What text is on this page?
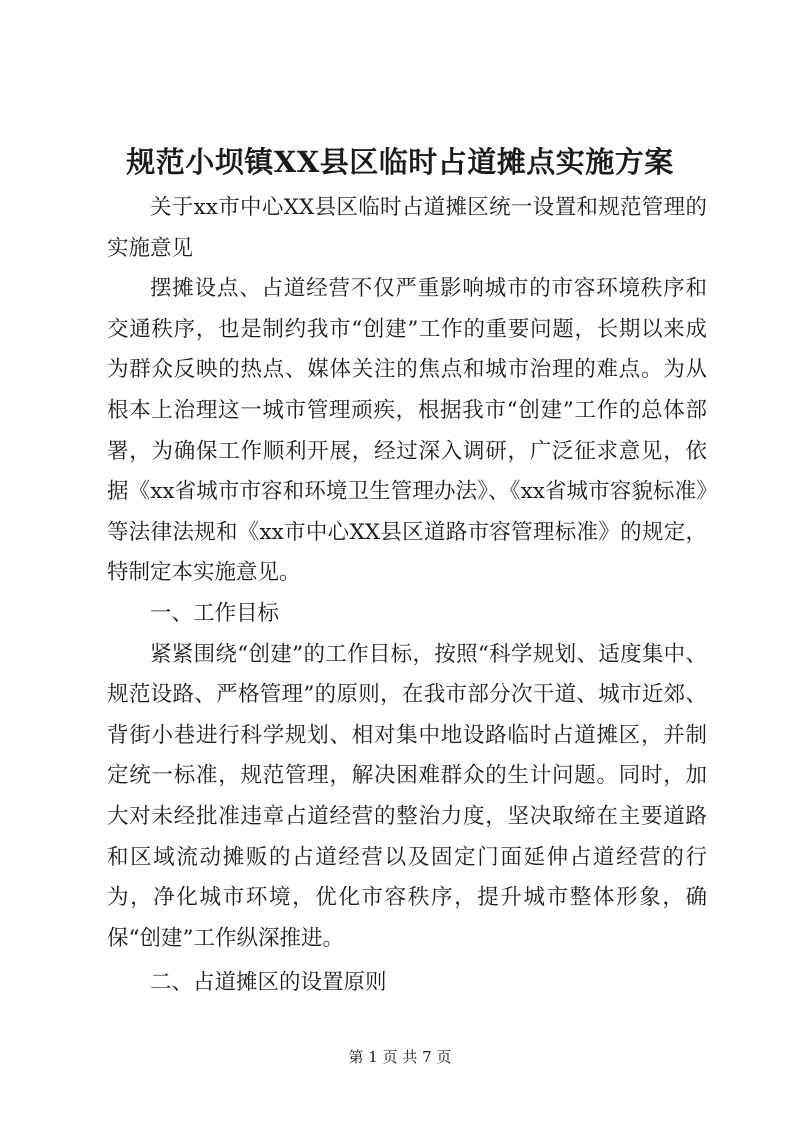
规范小坝镇XX县区临时占道摊点实施方案

关于xx市中心XX县区临时占道摊区统一设置和规范管理的实施意见

摆摊设点、占道经营不仅严重影响城市的市容环境秩序和交通秩序，也是制约我市“创建”工作的重要问题，长期以来成为群众反映的热点、媒体关注的焦点和城市治理的难点。为从根本上治理这一城市管理顽疾，根据我市“创建”工作的总体部署，为确保工作顺利开展，经过深入调研，广泛征求意见，依据《xx省城市市容和环境卫生管理办法》、《xx省城市容貌标准》等法律法规和《xx市中心XX县区道路市容管理标准》的规定，特制定本实施意见。

一、工作目标

紧紧围绕“创建”的工作目标，按照“科学规划、适度集中、规范设路、严格管理”的原则，在我市部分次干道、城市近郊、背街小巷进行科学规划、相对集中地设路临时占道摊区，并制定统一标准，规范管理，解决困难群众的生计问题。同时，加大对未经批准违章占道经营的整治力度，坚决取缔在主要道路和区域流动摊贩的占道经营以及固定门面延伸占道经营的行为，净化城市环境，优化市容秩序，提升城市整体形象，确保“创建”工作纵深推进。

二、占道摊区的设置原则

第 1 页 共 7 页
